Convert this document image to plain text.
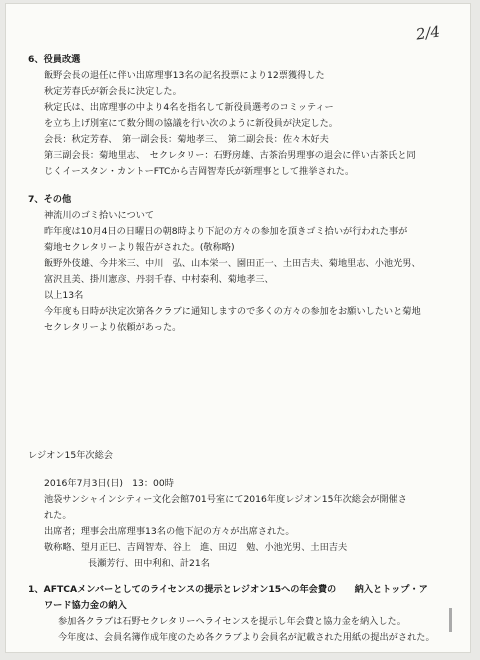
2/4
6、役員改選
飯野会長の退任に伴い出席理事13名の記名投票により12票獲得した
秋定芳春氏が新会長に決定した。
秋定氏は、出席理事の中より4名を指名して新役員選考のコミッティー
を立ち上げ別室にて数分間の協議を行い次のように新役員が決定した。
会長：秋定芳春、　第一副会長：菊地孝三、　第二副会長：佐々木好夫
第三副会長：菊地里志、　セクレタリー：石野房雄、古茶治男理事の退会に伴い古茶氏と同
じくイースタン・カントーFTCから吉岡智寿氏が新理事として推挙された。
7、その他
神流川のゴミ拾いについて
昨年度は10月4日の日曜日の朝8時より下記の方々の参加を頂きゴミ拾いが行われた事が
菊地セクレタリーより報告がされた。(敬称略)
飯野外伎雄、今井米三、中川　弘、山本栄一、園田正一、土田吉夫、菊地里志、小池光男、
富沢且美、掛川憲彦、丹羽千春、中村泰利、菊地孝三、
以上13名
今年度も日時が決定次第各クラブに通知しますので多くの方々の参加をお願いしたいと菊地
セクレタリーより依頼があった。
レジオン15年次総会
2016年7月3日(日)　13：00時
池袋サンシャインシティー文化会館701号室にて2016年度レジオン15年次総会が開催さ
れた。
出席者；理事会出席理事13名の他下記の方々が出席された。
敬称略、望月正巳、吉岡智寿、谷上　進、田辺　勉、小池光男、土田吉夫
長瀬芳行、田中利和、計21名
1、AFTCAメンバーとしてのライセンスの提示とレジオン15への年会費の　　納入とトップ・ア
ワード協力金の納入
参加各クラブは石野セクレタリーへライセンスを提示し年会費と協力金を納入した。
今年度は、会員名簿作成年度のため各クラブより会員名が記載された用紙の提出がされた。
